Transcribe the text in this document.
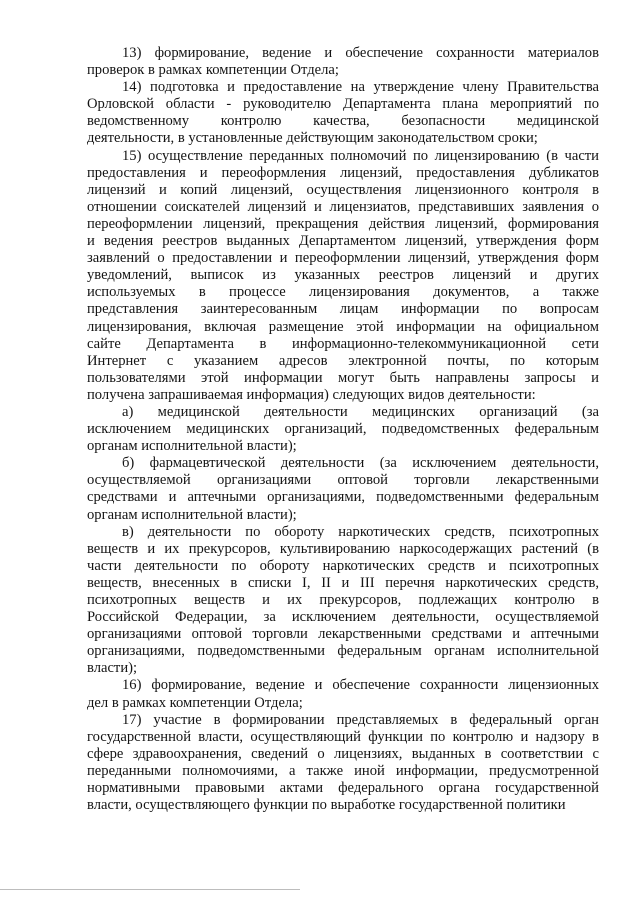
13) формирование, ведение и обеспечение сохранности материалов
проверок в рамках компетенции Отдела;
14) подготовка и предоставление на утверждение члену Правительства
Орловской области - руководителю Департамента плана мероприятий по
ведомственному контролю качества, безопасности медицинской
деятельности, в установленные действующим законодательством сроки;
15) осуществление переданных полномочий по лицензированию (в части
предоставления и переоформления лицензий, предоставления дубликатов
лицензий и копий лицензий, осуществления лицензионного контроля в
отношении соискателей лицензий и лицензиатов, представивших заявления о
переоформлении лицензий, прекращения действия лицензий, формирования
и ведения реестров выданных Департаментом лицензий, утверждения форм
заявлений о предоставлении и переоформлении лицензий, утверждения форм
уведомлений, выписок из указанных реестров лицензий и других
используемых в процессе лицензирования документов, а также
представления заинтересованным лицам информации по вопросам
лицензирования, включая размещение этой информации на официальном
сайте Департамента в информационно-телекоммуникационной сети
Интернет с указанием адресов электронной почты, по которым
пользователями этой информации могут быть направлены запросы и
получена запрашиваемая информация) следующих видов деятельности:
а) медицинской деятельности медицинских организаций (за
исключением медицинских организаций, подведомственных федеральным
органам исполнительной власти);
б) фармацевтической деятельности (за исключением деятельности,
осуществляемой организациями оптовой торговли лекарственными
средствами и аптечными организациями, подведомственными федеральным
органам исполнительной власти);
в) деятельности по обороту наркотических средств, психотропных
веществ и их прекурсоров, культивированию наркосодержащих растений (в
части деятельности по обороту наркотических средств и психотропных
веществ, внесенных в списки I, II и III перечня наркотических средств,
психотропных веществ и их прекурсоров, подлежащих контролю в
Российской Федерации, за исключением деятельности, осуществляемой
организациями оптовой торговли лекарственными средствами и аптечными
организациями, подведомственными федеральным органам исполнительной
власти);
16) формирование, ведение и обеспечение сохранности лицензионных
дел в рамках компетенции Отдела;
17) участие в формировании представляемых в федеральный орган
государственной власти, осуществляющий функции по контролю и надзору в
сфере здравоохранения, сведений о лицензиях, выданных в соответствии с
переданными полномочиями, а также иной информации, предусмотренной
нормативными правовыми актами федерального органа государственной
власти, осуществляющего функции по выработке государственной политики
